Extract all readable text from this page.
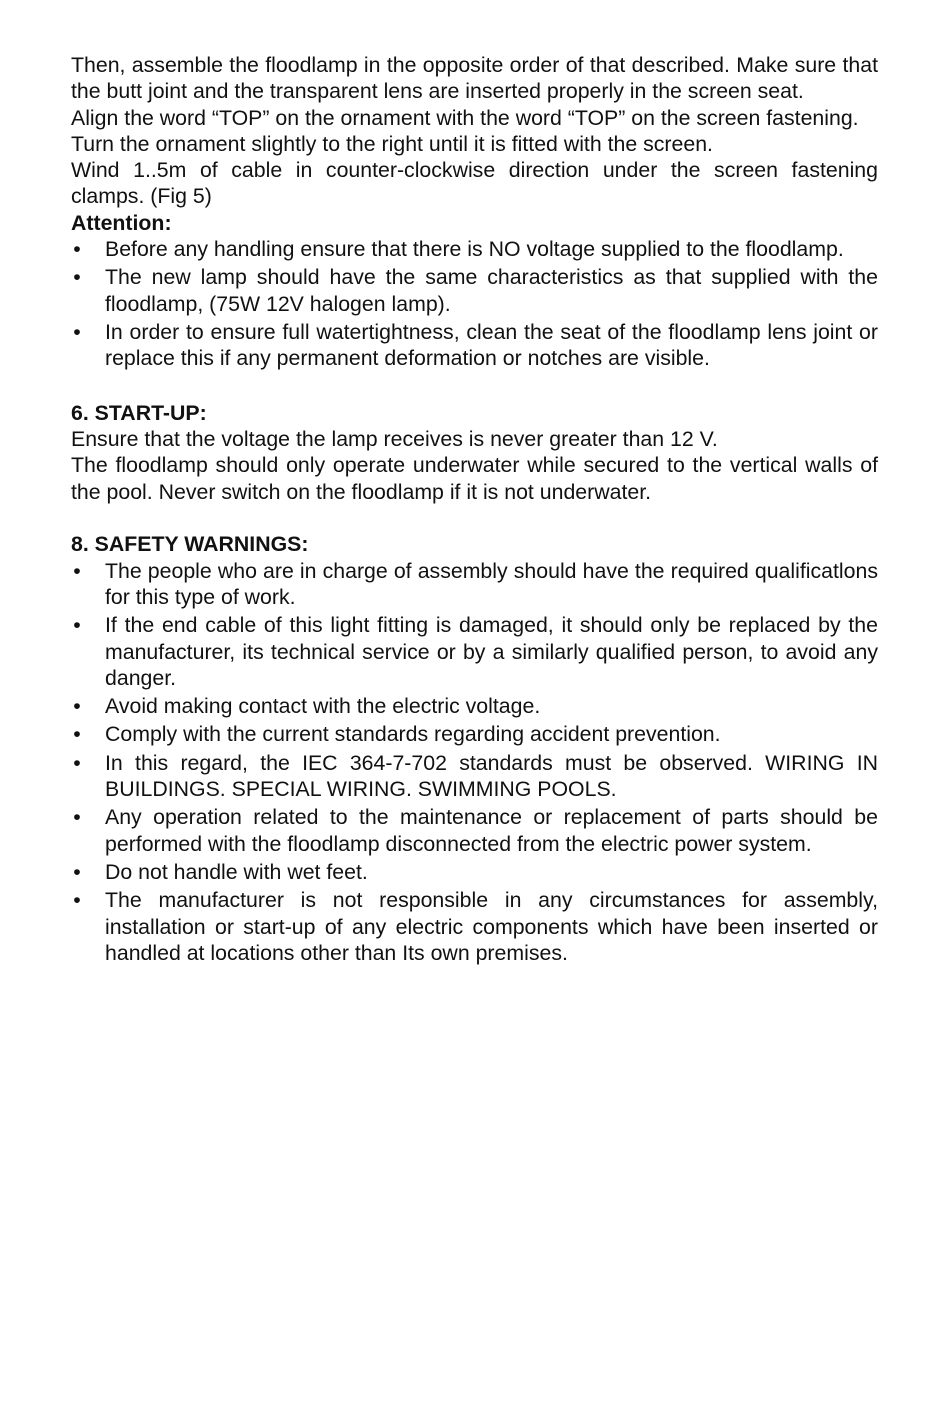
Then, assemble the floodlamp in the opposite order of that described. Make sure that the butt joint and the transparent lens are inserted properly in the screen seat.

Align the word “TOP” on the ornament with the word “TOP” on the screen fastening.

Turn the ornament slightly to the right until it is fitted with the screen.

Wind 1..5m of cable in counter-clockwise direction under the screen fastening clamps. (Fig 5)

Attention:

• Before any handling ensure that there is NO voltage supplied to the floodlamp.
• The new lamp should have the same characteristics as that supplied with the floodlamp, (75W 12V halogen lamp).
• In order to ensure full watertightness, clean the seat of the floodlamp lens joint or replace this if any permanent deformation or notches are visible.

6. START-UP:

Ensure that the voltage the lamp receives is never greater than 12 V.

The floodlamp should only operate underwater while secured to the vertical walls of the pool. Never switch on the floodlamp if it is not underwater.

8. SAFETY WARNINGS:

• The people who are in charge of assembly should have the required qualificatlons for this type of work.
• If the end cable of this light fitting is damaged, it should only be replaced by the manufacturer, its technical service or by a similarly qualified person, to avoid any danger.
• Avoid making contact with the electric voltage.
• Comply with the current standards regarding accident prevention.
• In this regard, the IEC 364-7-702 standards must be observed. WIRING IN BUILDINGS. SPECIAL WIRING. SWIMMING POOLS.
• Any operation related to the maintenance or replacement of parts should be performed with the floodlamp disconnected from the electric power system.
• Do not handle with wet feet.
• The manufacturer is not responsible in any circumstances for assembly, installation or start-up of any electric components which have been inserted or handled at locations other than Its own premises.
